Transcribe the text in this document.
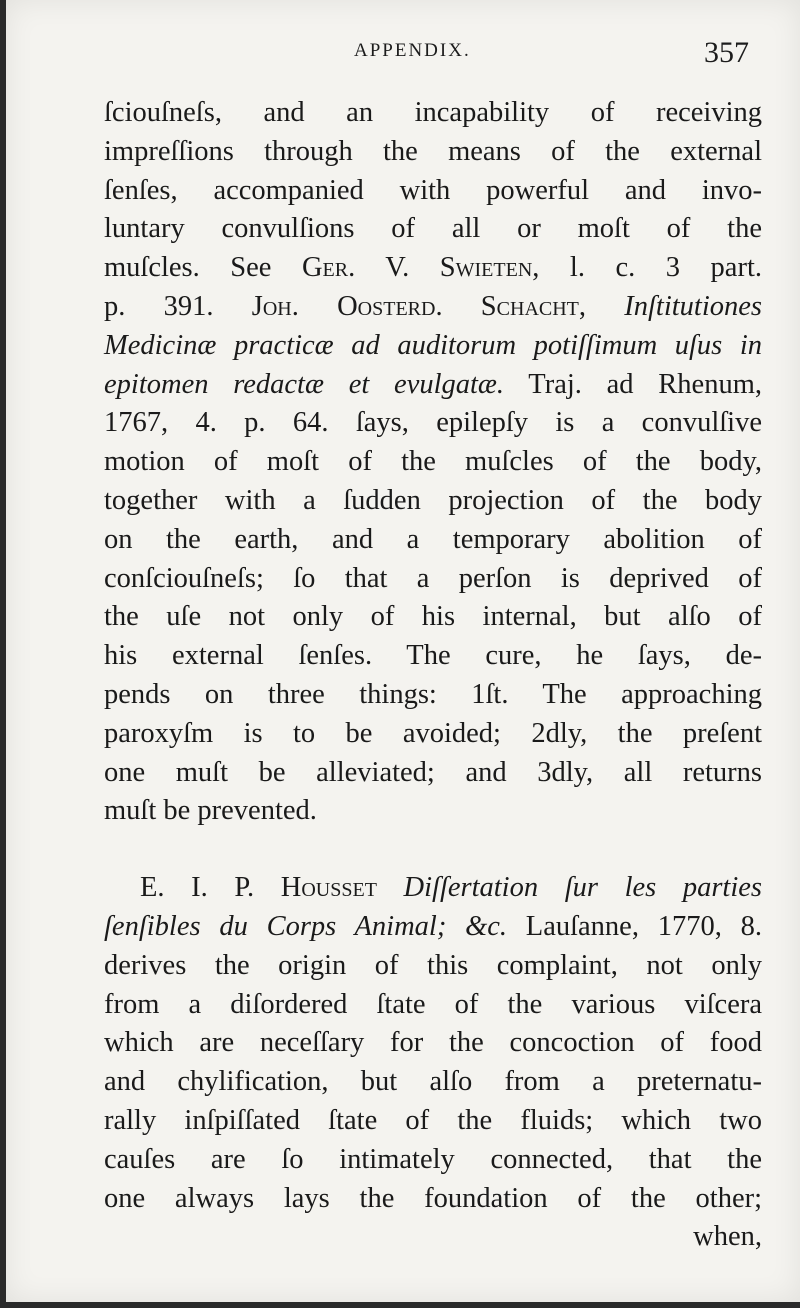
APPENDIX.	357
ſciouſneſs, and an incapability of receiving
impreſſions through the means of the external
ſenſes, accompanied with powerful and invo-
luntary convulſions of all or moſt of the
muſcles. See Ger. V. Swieten, l. c. 3 part.
p. 391. Joh. Oosterd. Schacht, Inſtitutiones
Medicinæ practicæ ad auditorum potiſſimum uſus in
epitomen redactæ et evulgatæ. Traj. ad Rhenum,
1767, 4. p. 64. ſays, epilepſy is a convulſive
motion of moſt of the muſcles of the body,
together with a ſudden projection of the body
on the earth, and a temporary abolition of
conſciouſneſs; ſo that a perſon is deprived of
the uſe not only of his internal, but alſo of
his external ſenſes. The cure, he ſays, de-
pends on three things: 1ſt. The approaching
paroxyſm is to be avoided; 2dly, the preſent
one muſt be alleviated; and 3dly, all returns
muſt be prevented.
E. I. P. Housset Diſſertation ſur les parties
ſenſibles du Corps Animal; &c. Lauſanne, 1770, 8.
derives the origin of this complaint, not only
from a diſordered ſtate of the various viſcera
which are neceſſary for the concoction of food
and chylification, but alſo from a preternatu-
rally inſpiſſated ſtate of the fluids; which two
cauſes are ſo intimately connected, that the
one always lays the foundation of the other;
when,
